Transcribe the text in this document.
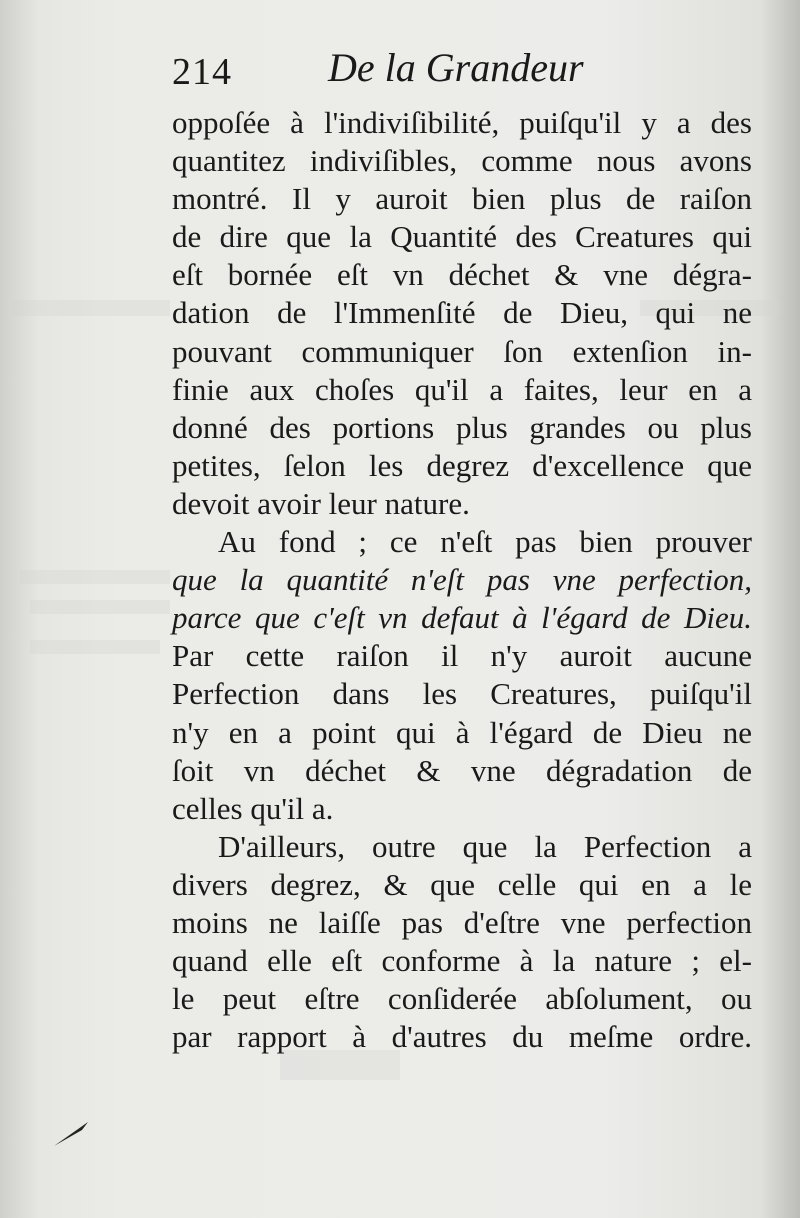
214 De la Grandeur
oppoſée à l'indiviſibilité, puiſqu'il y a des
quantitez indiviſibles, comme nous avons
montré. Il y auroit bien plus de raiſon
de dire que la Quantité des Creatures qui
eſt bornée eſt vn déchet & vne dégra-
dation de l'Immenſité de Dieu, qui ne
pouvant communiquer ſon extenſion in-
finie aux choſes qu'il a faites, leur en a
donné des portions plus grandes ou plus
petites, ſelon les degrez d'excellence que
devoit avoir leur nature.
Au fond ; ce n'eſt pas bien prouver
que la quantité n'eſt pas vne perfection,
parce que c'eſt vn defaut à l'égard de Dieu.
Par cette raiſon il n'y auroit aucune
Perfection dans les Creatures, puiſqu'il
n'y en a point qui à l'égard de Dieu ne
ſoit vn déchet & vne dégradation de
celles qu'il a.
D'ailleurs, outre que la Perfection a
divers degrez, & que celle qui en a le
moins ne laiſſe pas d'eſtre vne perfection
quand elle eſt conforme à la nature ; el-
le peut eſtre conſiderée abſolument, ou
par rapport à d'autres du meſme ordre.
